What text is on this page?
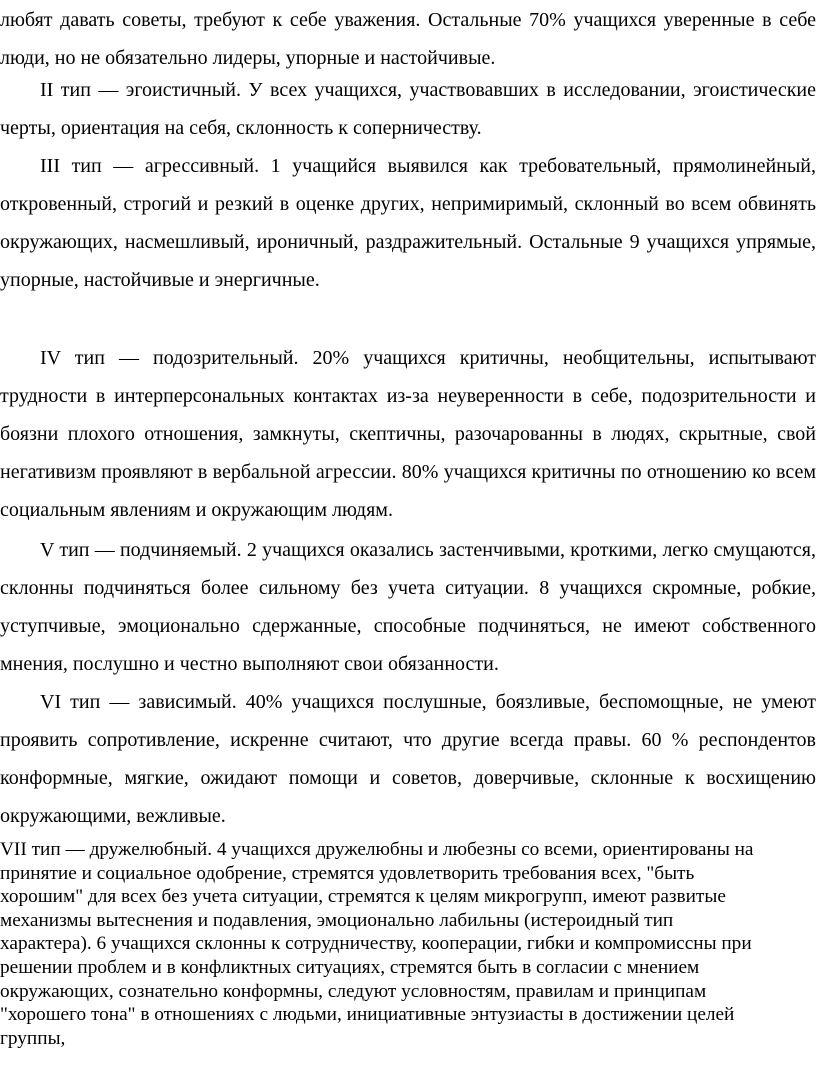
любят давать советы, требуют к себе уважения. Остальные 70% учащихся уверенные в себе люди, но не обязательно лидеры, упорные и настойчивые.

II тип — эгоистичный. У всех учащихся, участвовавших в исследовании, эгоистические черты, ориентация на себя, склонность к соперничеству.

III тип — агрессивный. 1 учащийся выявился как требовательный, прямолинейный, откровенный, строгий и резкий в оценке других, непримиримый, склонный во всем обвинять окружающих, насмешливый, ироничный, раздражительный. Остальные 9 учащихся упрямые, упорные, настойчивые и энергичные.

IV тип — подозрительный. 20% учащихся критичны, необщительны, испытывают трудности в интерперсональных контактах из-за неуверенности в себе, подозрительности и боязни плохого отношения, замкнуты, скептичны, разочарованны в людях, скрытные, свой негативизм проявляют в вербальной агрессии. 80% учащихся критичны по отношению ко всем социальным явлениям и окружающим людям.

V тип — подчиняемый. 2 учащихся оказались застенчивыми, кроткими, легко смущаются, склонны подчиняться более сильному без учета ситуации. 8 учащихся скромные, робкие, уступчивые, эмоционально сдержанные, способные подчиняться, не имеют собственного мнения, послушно и честно выполняют свои обязанности.

VI тип — зависимый. 40% учащихся послушные, боязливые, беспомощные, не умеют проявить сопротивление, искренне считают, что другие всегда правы. 60 % респондентов конформные, мягкие, ожидают помощи и советов, доверчивые, склонные к восхищению окружающими, вежливые.

VII тип — дружелюбный. 4 учащихся дружелюбны и любезны со всеми, ориентированы на принятие и социальное одобрение, стремятся удовлетворить требования всех, "быть хорошим" для всех без учета ситуации, стремятся к целям микрогрупп, имеют развитые механизмы вытеснения и подавления, эмоционально лабильны (истероидный тип характера). 6 учащихся склонны к сотрудничеству, кооперации, гибки и компромиссны при решении проблем и в конфликтных ситуациях, стремятся быть в согласии с мнением окружающих, сознательно конформны, следуют условностям, правилам и принципам "хорошего тона" в отношениях с людьми, инициативные энтузиасты в достижении целей группы,
